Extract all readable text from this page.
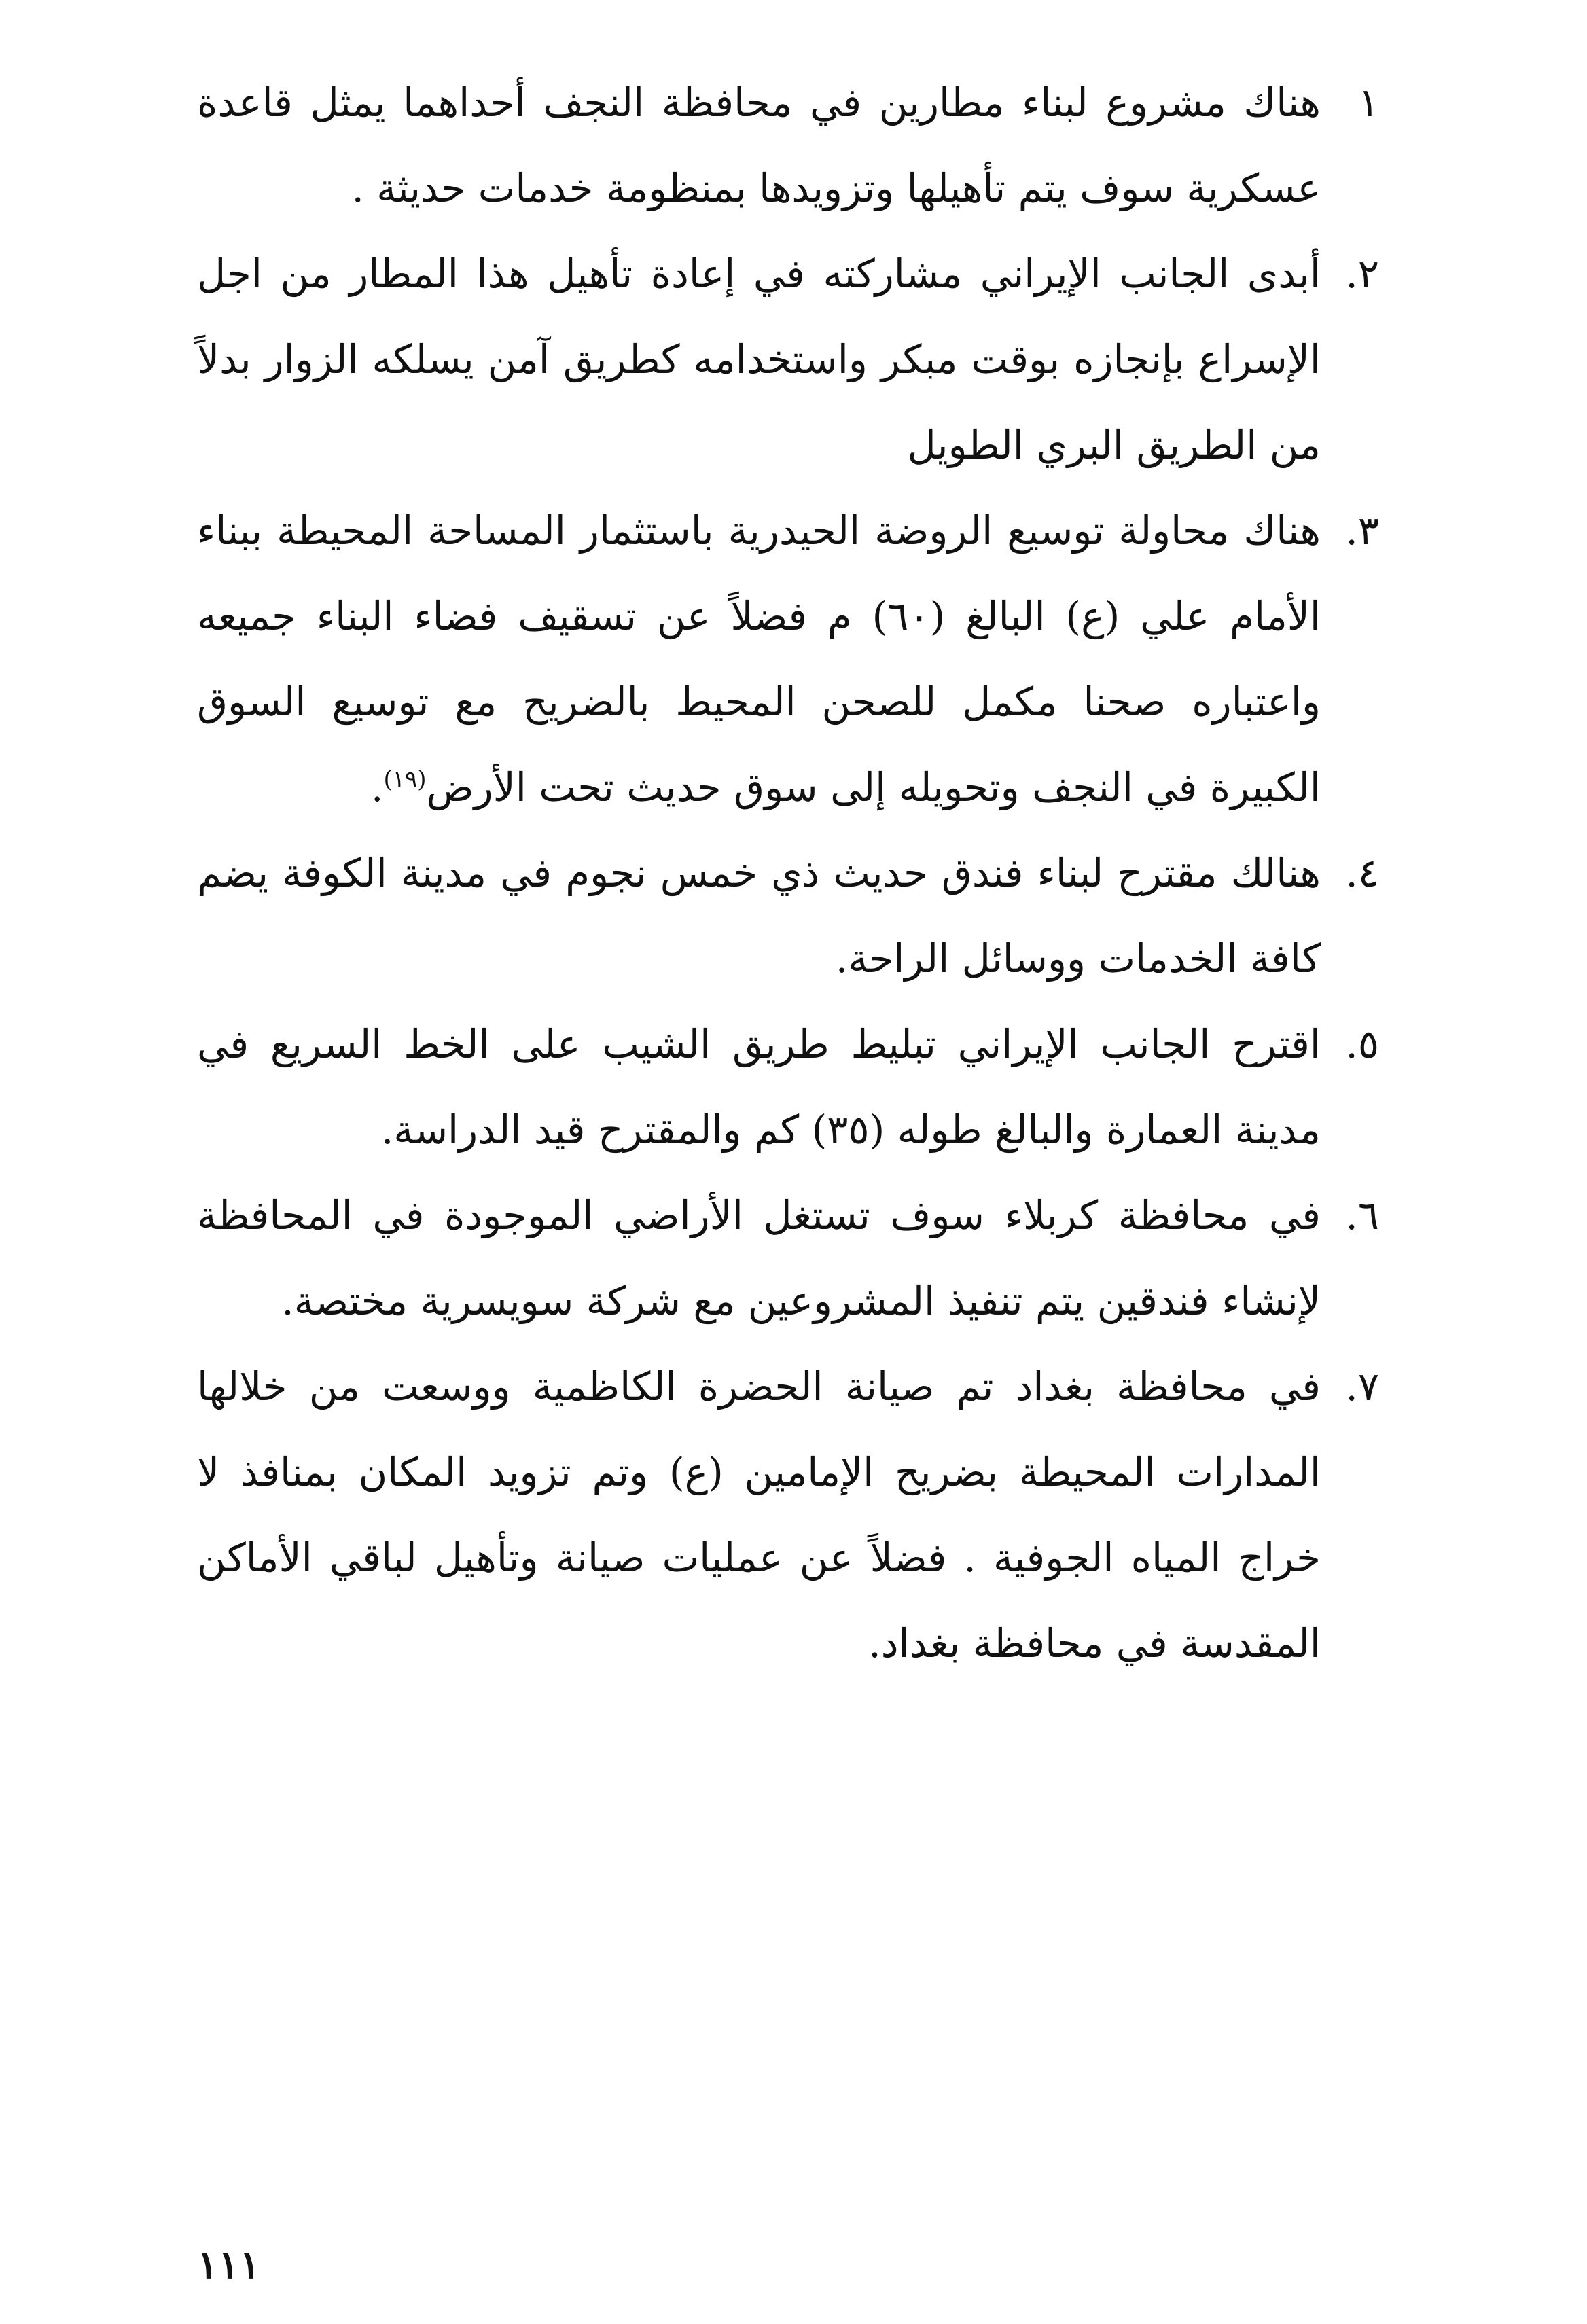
١
هناك مشروع لبناء مطارين في محافظة النجف أحداهما يمثل قاعدة عسكرية سوف يتم تأهيلها وتزويدها بمنظومة خدمات حديثة .
٢.
أبدى الجانب الإيراني مشاركته في إعادة تأهيل هذا المطار من اجل الإسراع بإنجازه بوقت مبكر واستخدامه كطريق آمن يسلكه الزوار بدلاً من الطريق البري الطويل
٣.
هناك محاولة توسيع الروضة الحيدرية باستثمار المساحة المحيطة ببناء الأمام علي (ع) البالغ (٦٠) م فضلاً عن تسقيف فضاء البناء جميعه واعتباره صحنا مكمل للصحن المحيط بالضريح مع توسيع السوق الكبيرة في النجف وتحويله إلى سوق حديث تحت الأرض$^{(١٩)}$.
٤.
هنالك مقترح لبناء فندق حديث ذي خمس نجوم في مدينة الكوفة يضم كافة الخدمات ووسائل الراحة.
٥.
اقترح الجانب الإيراني تبليط طريق الشيب على الخط السريع في مدينة العمارة والبالغ طوله (٣٥) كم والمقترح قيد الدراسة.
٦.
في محافظة كربلاء سوف تستغل الأراضي الموجودة في المحافظة لإنشاء فندقين يتم تنفيذ المشروعين مع شركة سويسرية مختصة.
٧.
في محافظة بغداد تم صيانة الحضرة الكاظمية ووسعت من خلالها المدارات المحيطة بضريح الإمامين (ع) وتم تزويد المكان بمنافذ لا خراج المياه الجوفية . فضلاً عن عمليات صيانة وتأهيل لباقي الأماكن المقدسة في محافظة بغداد.
١١١
